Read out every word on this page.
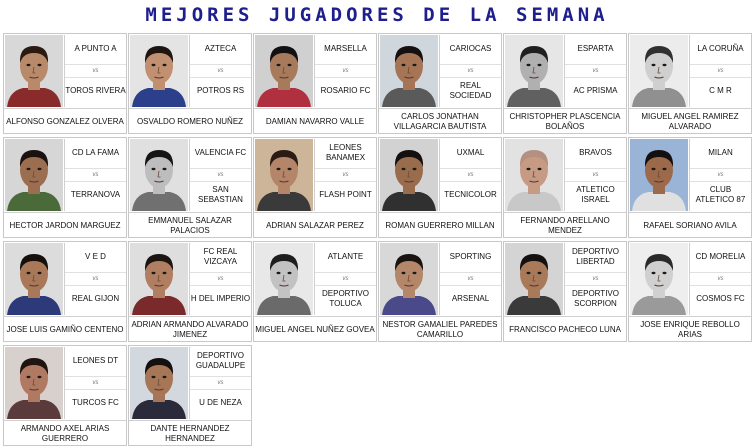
MEJORES JUGADORES DE LA SEMANA
A PUNTO A
vs
TOROS RIVERA
ALFONSO GONZALEZ OLVERA
AZTECA
vs
POTROS RS
OSVALDO ROMERO NUÑEZ
MARSELLA
vs
ROSARIO FC
DAMIAN NAVARRO VALLE
CARIOCAS
vs
REAL SOCIEDAD
CARLOS JONATHAN VILLAGARCIA BAUTISTA
ESPARTA
vs
AC PRISMA
CHRISTOPHER PLASCENCIA BOLAÑOS
LA CORUÑA
vs
C M R
MIGUEL ANGEL RAMIREZ ALVARADO
CD LA FAMA
vs
TERRANOVA
HECTOR JARDON MARGUEZ
VALENCIA FC
vs
SAN SEBASTIAN
EMMANUEL SALAZAR PALACIOS
LEONES BANAMEX
vs
FLASH POINT
ADRIAN SALAZAR PEREZ
UXMAL
vs
TECNICOLOR
ROMAN GUERRERO MILLAN
BRAVOS
vs
ATLETICO ISRAEL
FERNANDO ARELLANO MENDEZ
MILAN
vs
CLUB ATLETICO 87
RAFAEL SORIANO AVILA
V E D
vs
REAL GIJON
JOSE LUIS GAMIÑO CENTENO
FC REAL VIZCAYA
vs
H DEL IMPERIO
ADRIAN ARMANDO ALVARADO JIMENEZ
ATLANTE
vs
DEPORTIVO TOLUCA
MIGUEL ANGEL NUÑEZ GOVEA
SPORTING
vs
ARSENAL
NESTOR GAMALIEL PAREDES CAMARILLO
DEPORTIVO LIBERTAD
vs
DEPORTIVO SCORPION
FRANCISCO PACHECO LUNA
CD MORELIA
vs
COSMOS FC
JOSE ENRIQUE REBOLLO ARIAS
LEONES DT
vs
TURCOS FC
ARMANDO AXEL ARIAS GUERRERO
DEPORTIVO GUADALUPE
vs
U DE NEZA
DANTE HERNANDEZ HERNANDEZ
